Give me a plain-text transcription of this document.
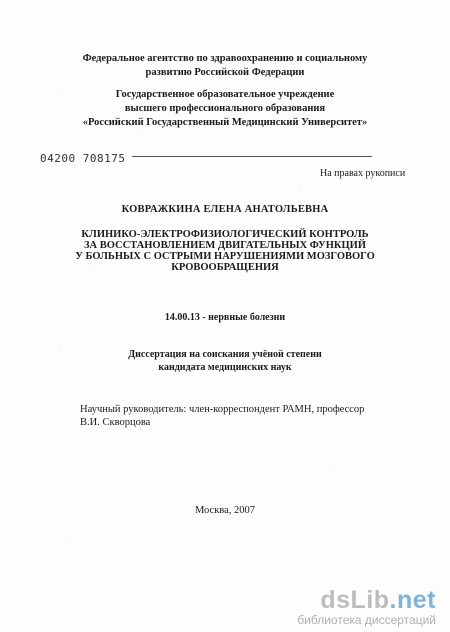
Федеральное агентство по здравоохранению и социальному
развитию Российской Федерации
Государственное образовательное учреждение
высшего профессионального образования
«Российский Государственный Медицинский Университет»
04200 708175
На правах рукописи
КОВРАЖКИНА ЕЛЕНА АНАТОЛЬЕВНА
КЛИНИКО-ЭЛЕКТРОФИЗИОЛОГИЧЕСКИЙ КОНТРОЛЬ
ЗА ВОССТАНОВЛЕНИЕМ ДВИГАТЕЛЬНЫХ ФУНКЦИЙ
У БОЛЬНЫХ С ОСТРЫМИ НАРУШЕНИЯМИ МОЗГОВОГО
КРОВООБРАЩЕНИЯ
14.00.13 - нервные болезни
Диссертация на соискания учёной степени
кандидата медицинских наук
Научный руководитель: член-корреспондент РАМН, профессор
В.И. Скворцова
Москва, 2007
dsLib.net
библиотека диссертаций
